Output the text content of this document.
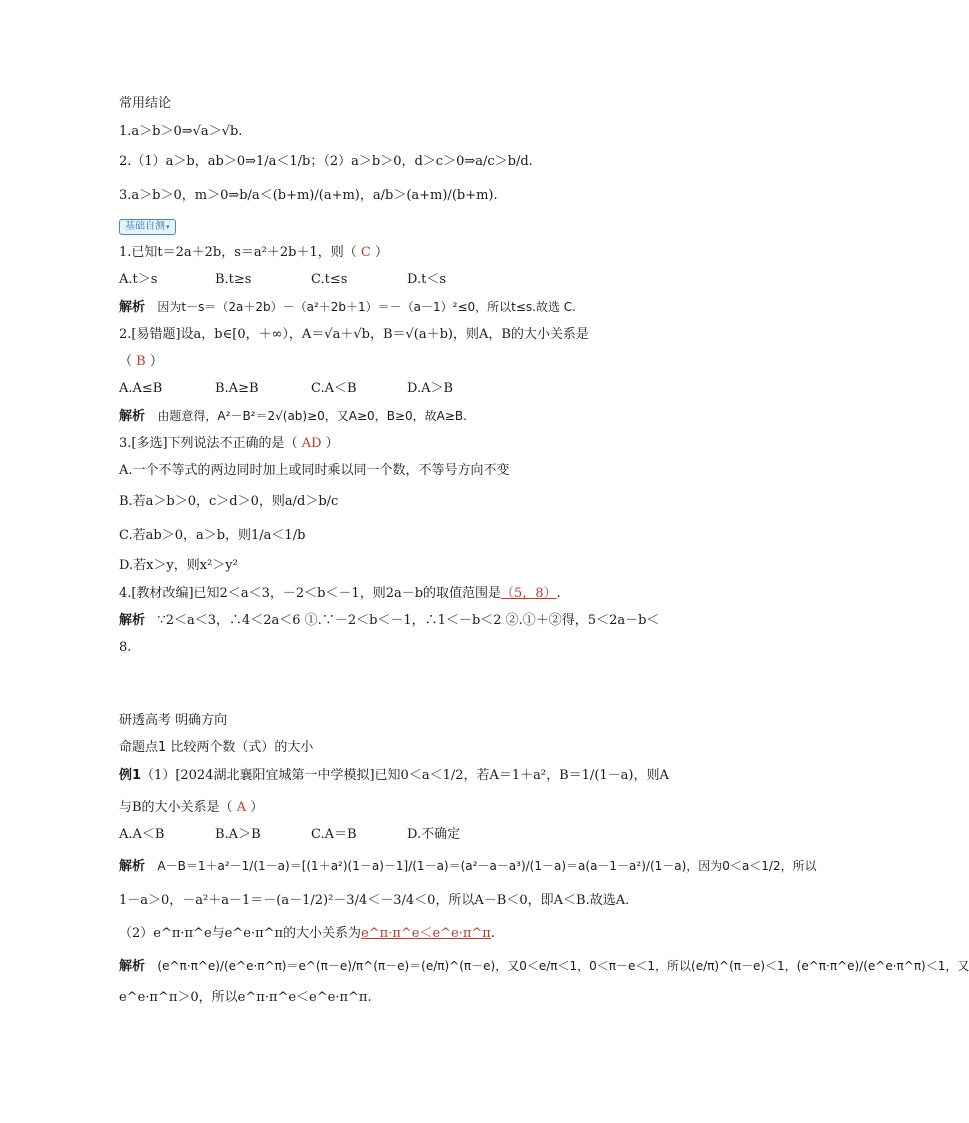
常用结论
1.a＞b＞0⇒√a＞√b.
2.（1）a＞b，ab＞0⇒1/a＜1/b；（2）a＞b＞0，d＞c＞0⇒a/c＞b/d.
3.a＞b＞0，m＞0⇒b/a＜(b+m)/(a+m)，a/b＞(a+m)/(b+m).
基础自测▾
1.已知t＝2a＋2b，s＝a²＋2b＋1，则（ C ）
A.t＞s	B.t≥s	C.t≤s	D.t＜s
解析 因为t－s＝（2a＋2b）－（a²＋2b＋1）＝－（a－1）²≤0，所以t≤s.故选 C.
2.[易错题]设a，b∈[0，＋∞），A＝√a＋√b，B＝√(a＋b)，则A，B的大小关系是
（ B ）
A.A≤B	B.A≥B	C.A＜B	D.A＞B
解析 由题意得，A²－B²＝2√(ab)≥0，又A≥0，B≥0，故A≥B.
3.[多选]下列说法不正确的是（ AD ）
A.一个不等式的两边同时加上或同时乘以同一个数，不等号方向不变
B.若a＞b＞0，c＞d＞0，则a/d＞b/c
C.若ab＞0，a＞b，则1/a＜1/b
D.若x＞y，则x²＞y²
4.[教材改编]已知2＜a＜3，－2＜b＜－1，则2a－b的取值范围是（5，8）.
解析 ∵2＜a＜3，∴4＜2a＜6 ①.∵－2＜b＜－1，∴1＜－b＜2 ②.①＋②得，5＜2a－b＜
8.
研透高考 明确方向
命题点1 比较两个数（式）的大小
例1（1）[2024湖北襄阳宜城第一中学模拟]已知0＜a＜1/2，若A＝1＋a²，B＝1/(1－a)，则A
与B的大小关系是（ A ）
A.A＜B	B.A＞B	C.A＝B	D.不确定
解析 A－B＝1＋a²－1/(1－a)＝[(1＋a²)(1－a)－1]/(1－a)＝(a²－a－a³)/(1－a)＝a(a－1－a²)/(1－a)，因为0＜a＜1/2，所以
1－a＞0，－a²＋a－1＝－(a－1/2)²－3/4＜－3/4＜0，所以A－B＜0，即A＜B.故选A.
（2）e^π·π^e与e^e·π^π的大小关系为e^π·π^e＜e^e·π^π.
解析 (e^π·π^e)/(e^e·π^π)＝e^(π－e)/π^(π－e)＝(e/π)^(π－e)，又0＜e/π＜1，0＜π－e＜1，所以(e/π)^(π－e)＜1，(e^π·π^e)/(e^e·π^π)＜1，又
e^e·π^π＞0，所以e^π·π^e＜e^e·π^π.
